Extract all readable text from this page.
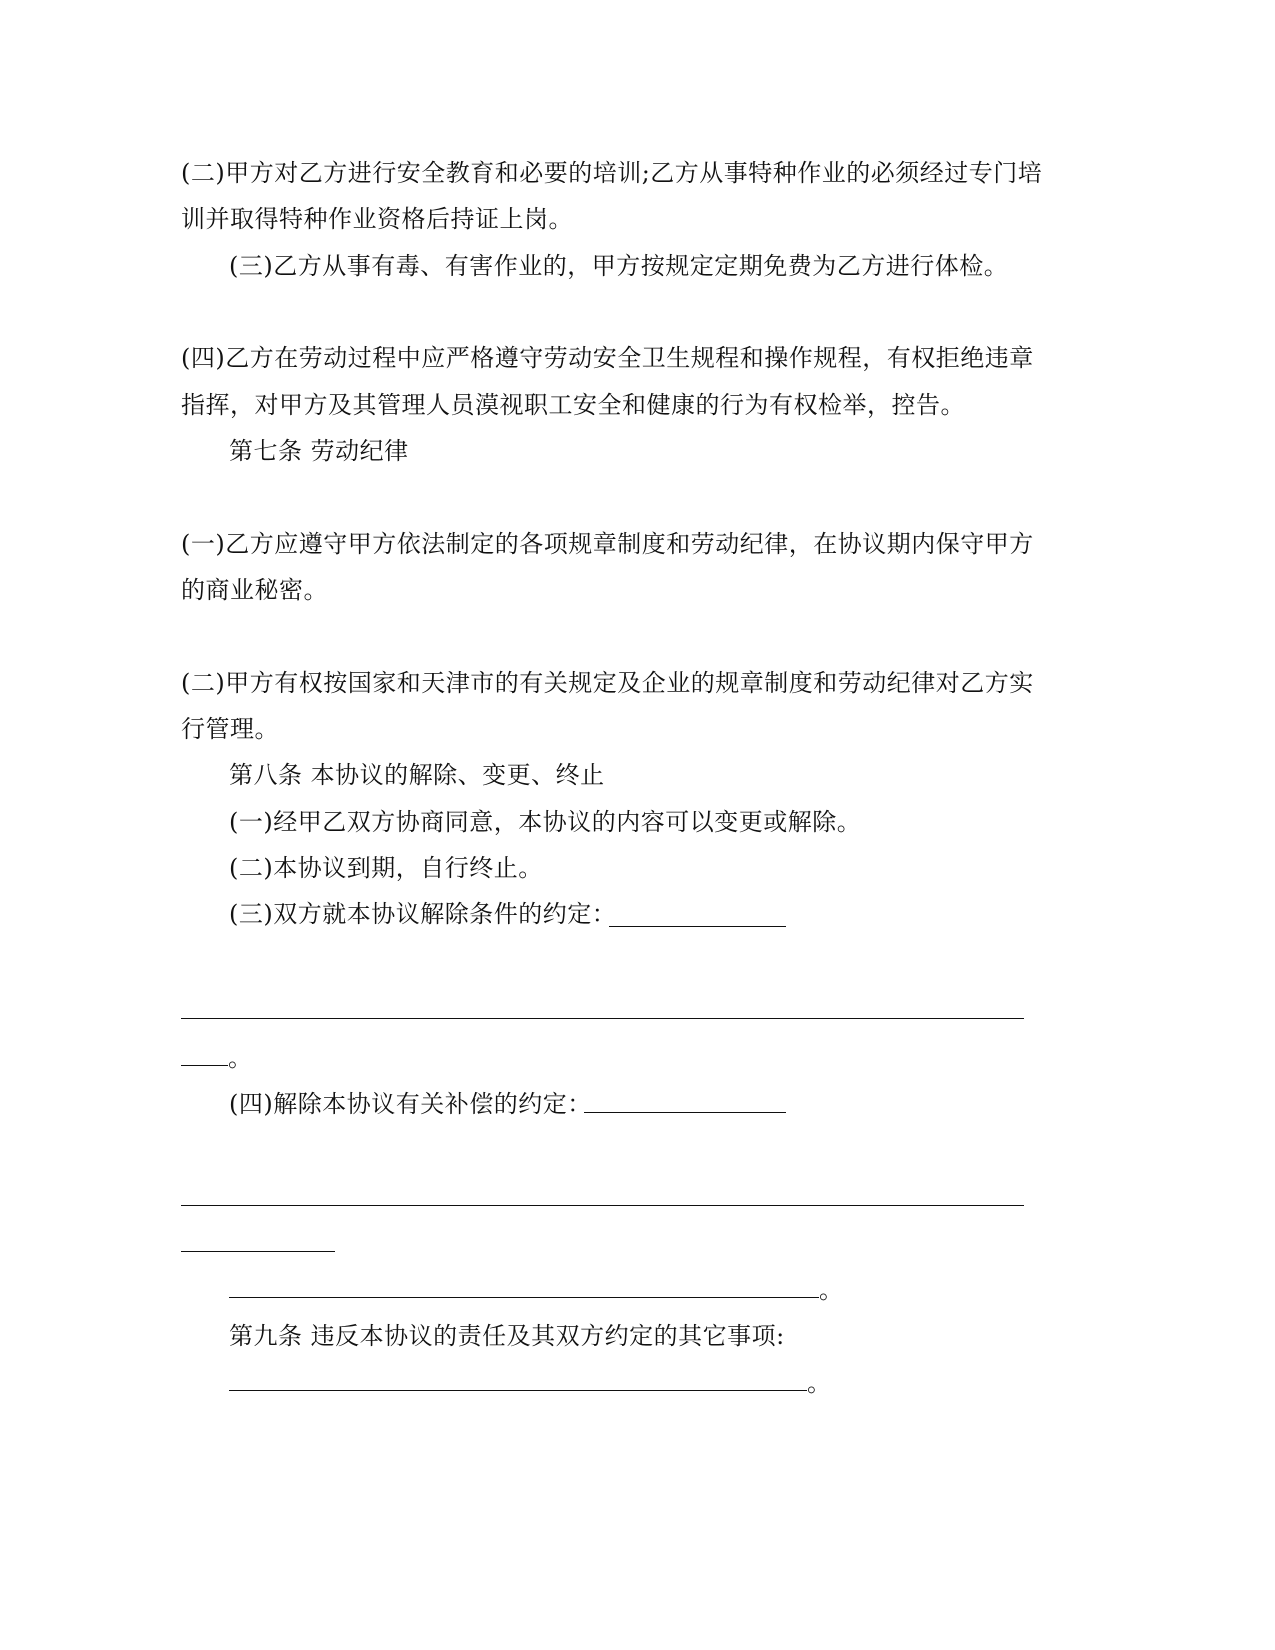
(二)甲方对乙方进行安全教育和必要的培训;乙方从事特种作业的必须经过专门培
训并取得特种作业资格后持证上岗。
(三)乙方从事有毒、有害作业的，甲方按规定定期免费为乙方进行体检。
(四)乙方在劳动过程中应严格遵守劳动安全卫生规程和操作规程，有权拒绝违章
指挥，对甲方及其管理人员漠视职工安全和健康的行为有权检举，控告。
第七条 劳动纪律
(一)乙方应遵守甲方依法制定的各项规章制度和劳动纪律，在协议期内保守甲方
的商业秘密。
(二)甲方有权按国家和天津市的有关规定及企业的规章制度和劳动纪律对乙方实
行管理。
第八条 本协议的解除、变更、终止
(一)经甲乙双方协商同意，本协议的内容可以变更或解除。
(二)本协议到期，自行终止。
(三)双方就本协议解除条件的约定：
。
(四)解除本协议有关补偿的约定：
。
第九条 违反本协议的责任及其双方约定的其它事项:
。
